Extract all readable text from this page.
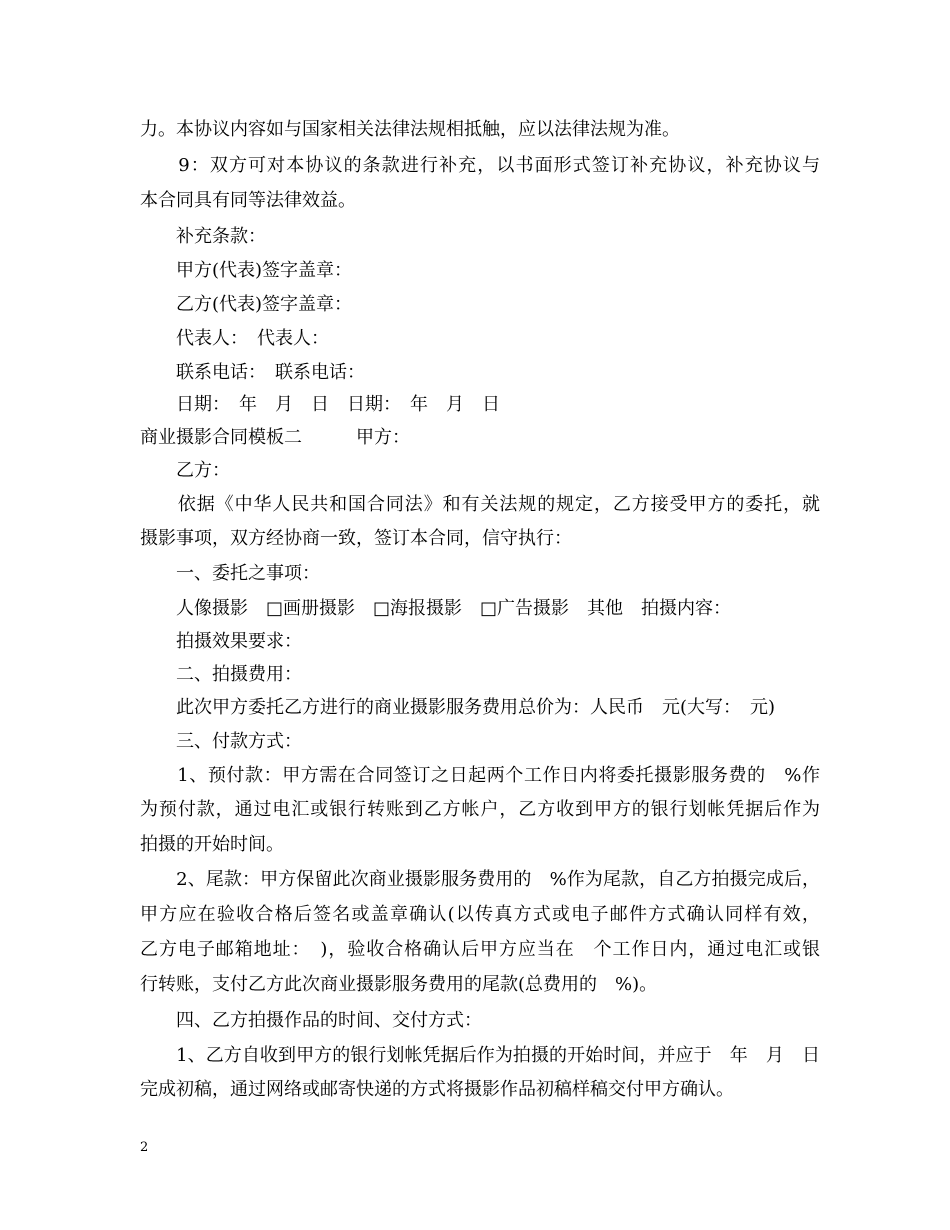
力。本协议内容如与国家相关法律法规相抵触，应以法律法规为准。
　　9：双方可对本协议的条款进行补充，以书面形式签订补充协议，补充协议与
本合同具有同等法律效益。
　　补充条款：
　　甲方(代表)签字盖章：
　　乙方(代表)签字盖章：
　　代表人：　代表人：
　　联系电话：　联系电话：
　　日期：　年　月　日　日期：　年　月　日
商业摄影合同模板二　　　甲方：
　　乙方：
　　依据《中华人民共和国合同法》和有关法规的规定，乙方接受甲方的委托，就
摄影事项，双方经协商一致，签订本合同，信守执行：
　　一、委托之事项：
　　人像摄影　□画册摄影　□海报摄影　□广告摄影　其他　拍摄内容：
　　拍摄效果要求：
　　二、拍摄费用：
　　此次甲方委托乙方进行的商业摄影服务费用总价为：人民币　元(大写：　元)
　　三、付款方式：
　　1、预付款：甲方需在合同签订之日起两个工作日内将委托摄影服务费的　%作
为预付款，通过电汇或银行转账到乙方帐户，乙方收到甲方的银行划帐凭据后作为
拍摄的开始时间。
　　2、尾款：甲方保留此次商业摄影服务费用的　%作为尾款，自乙方拍摄完成后，
甲方应在验收合格后签名或盖章确认(以传真方式或电子邮件方式确认同样有效，
乙方电子邮箱地址：　)，验收合格确认后甲方应当在　个工作日内，通过电汇或银
行转账，支付乙方此次商业摄影服务费用的尾款(总费用的　%)。
　　四、乙方拍摄作品的时间、交付方式：
　　1、乙方自收到甲方的银行划帐凭据后作为拍摄的开始时间，并应于　年　月　日
完成初稿，通过网络或邮寄快递的方式将摄影作品初稿样稿交付甲方确认。
2
